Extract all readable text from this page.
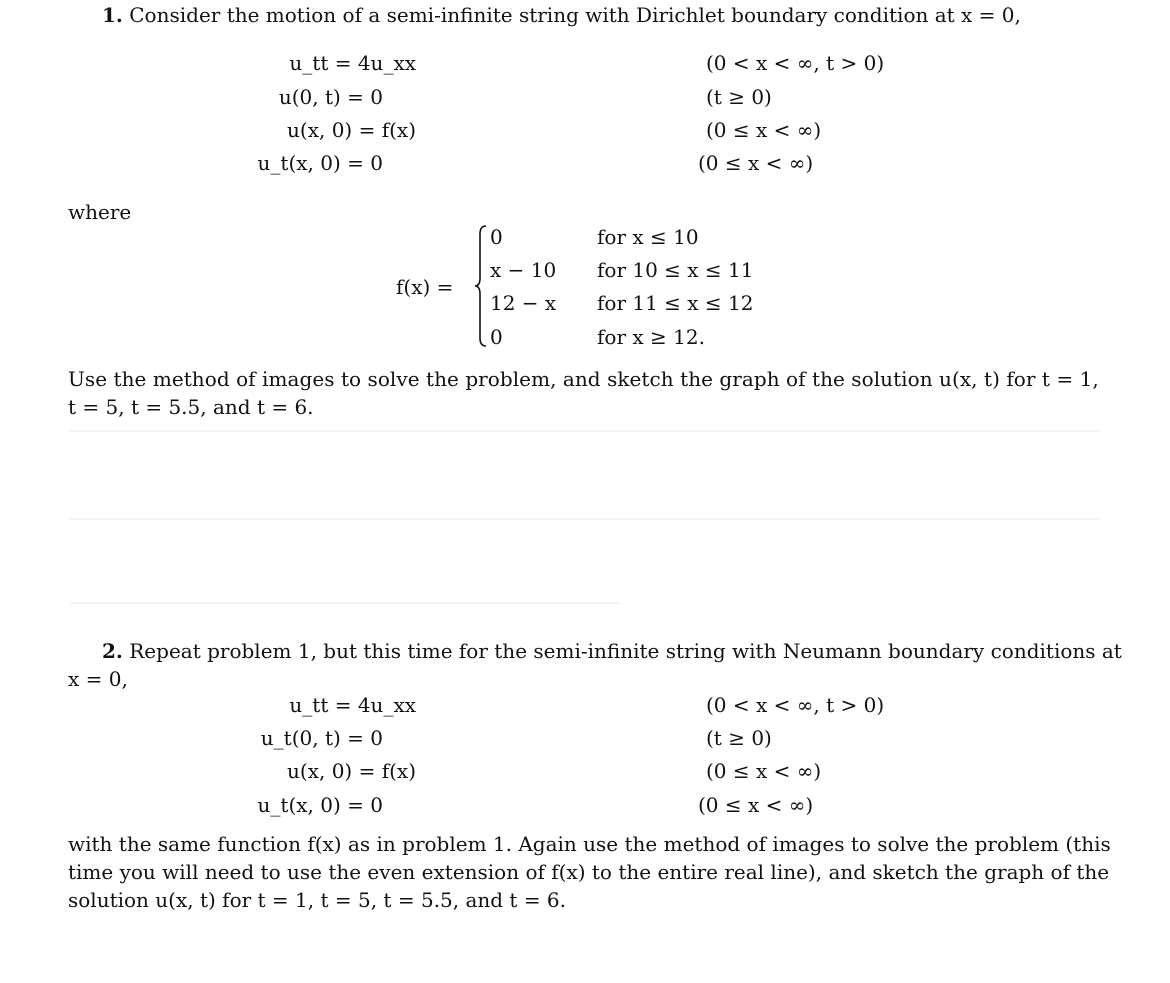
1. Consider the motion of a semi-infinite string with Dirichlet boundary condition at x = 0,
u_tt = 4u_xx	(0 < x < ∞, t > 0)
u(0, t) = 0	(t ≥ 0)
u(x, 0) = f(x)	(0 ≤ x < ∞)
u_t(x, 0) = 0	(0 ≤ x < ∞)
where
f(x) =
0	for x ≤ 10
x − 10 for 10 ≤ x ≤ 11
12 − x for 11 ≤ x ≤ 12
0	for x ≥ 12.
Use the method of images to solve the problem, and sketch the graph of the solution u(x, t) for t = 1,
t = 5, t = 5.5, and t = 6.
2. Repeat problem 1, but this time for the semi-infinite string with Neumann boundary conditions at
x = 0,
u_tt = 4u_xx	(0 < x < ∞, t > 0)
u_t(0, t) = 0	(t ≥ 0)
u(x, 0) = f(x)	(0 ≤ x < ∞)
u_t(x, 0) = 0	(0 ≤ x < ∞)
with the same function f(x) as in problem 1. Again use the method of images to solve the problem (this
time you will need to use the even extension of f(x) to the entire real line), and sketch the graph of the
solution u(x, t) for t = 1, t = 5, t = 5.5, and t = 6.
